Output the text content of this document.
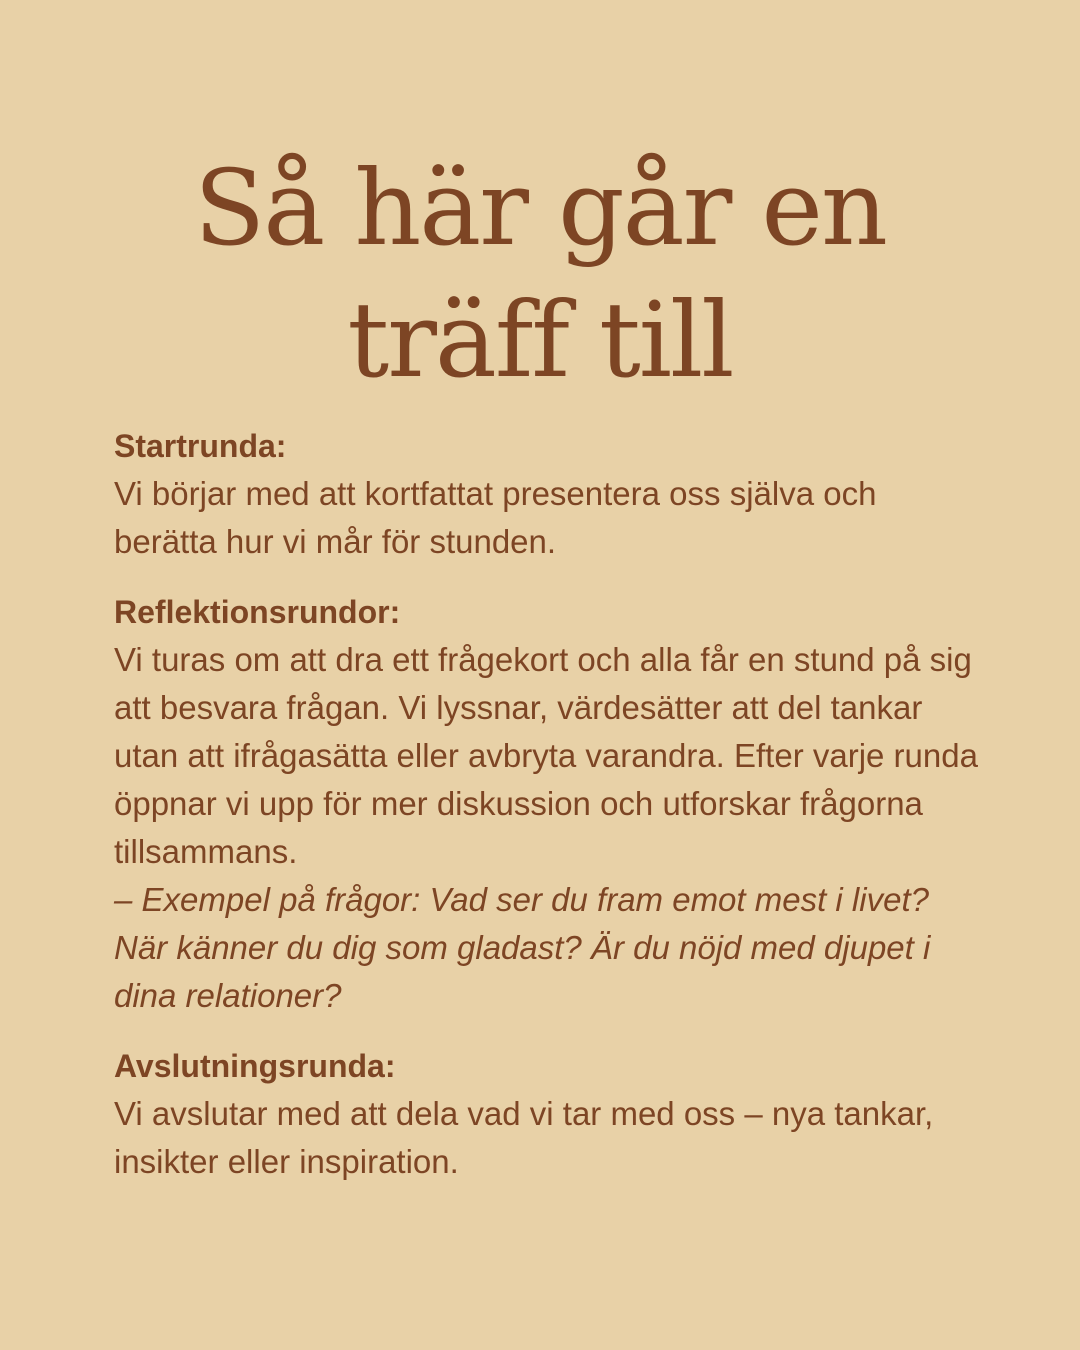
Så här går en
träff till
Startrunda:
Vi börjar med att kortfattat presentera oss själva och berätta hur vi mår för stunden.
Reflektionsrundor:
Vi turas om att dra ett frågekort och alla får en stund på sig att besvara frågan. Vi lyssnar, värdesätter att del tankar utan att ifrågasätta eller avbryta varandra. Efter varje runda öppnar vi upp för mer diskussion och utforskar frågorna tillsammans.
– Exempel på frågor: Vad ser du fram emot mest i livet? När känner du dig som gladast? Är du nöjd med djupet i dina relationer?
Avslutningsrunda:
Vi avslutar med att dela vad vi tar med oss – nya tankar, insikter eller inspiration.
